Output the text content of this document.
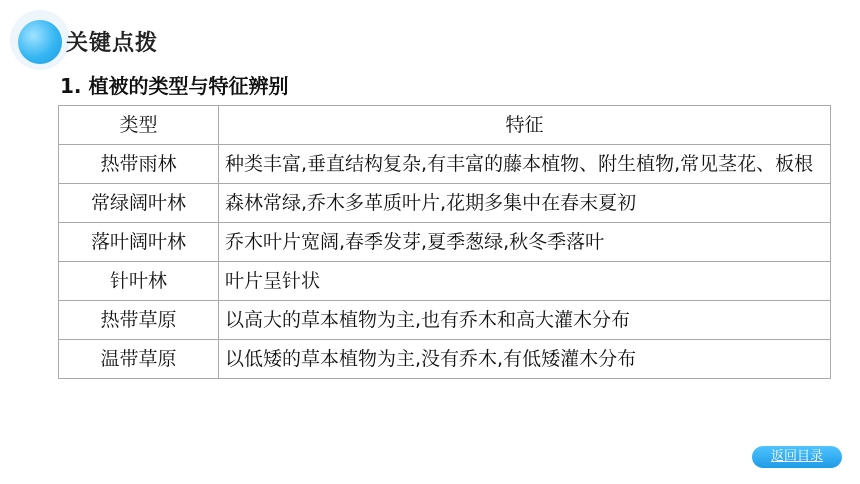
关键点拨
1. 植被的类型与特征辨别
类型	特征
热带雨林	种类丰富,垂直结构复杂,有丰富的藤本植物、附生植物,常见茎花、板根
常绿阔叶林	森林常绿,乔木多革质叶片,花期多集中在春末夏初
落叶阔叶林	乔木叶片宽阔,春季发芽,夏季葱绿,秋冬季落叶
针叶林	叶片呈针状
热带草原	以高大的草本植物为主,也有乔木和高大灌木分布
温带草原	以低矮的草本植物为主,没有乔木,有低矮灌木分布
返回目录
